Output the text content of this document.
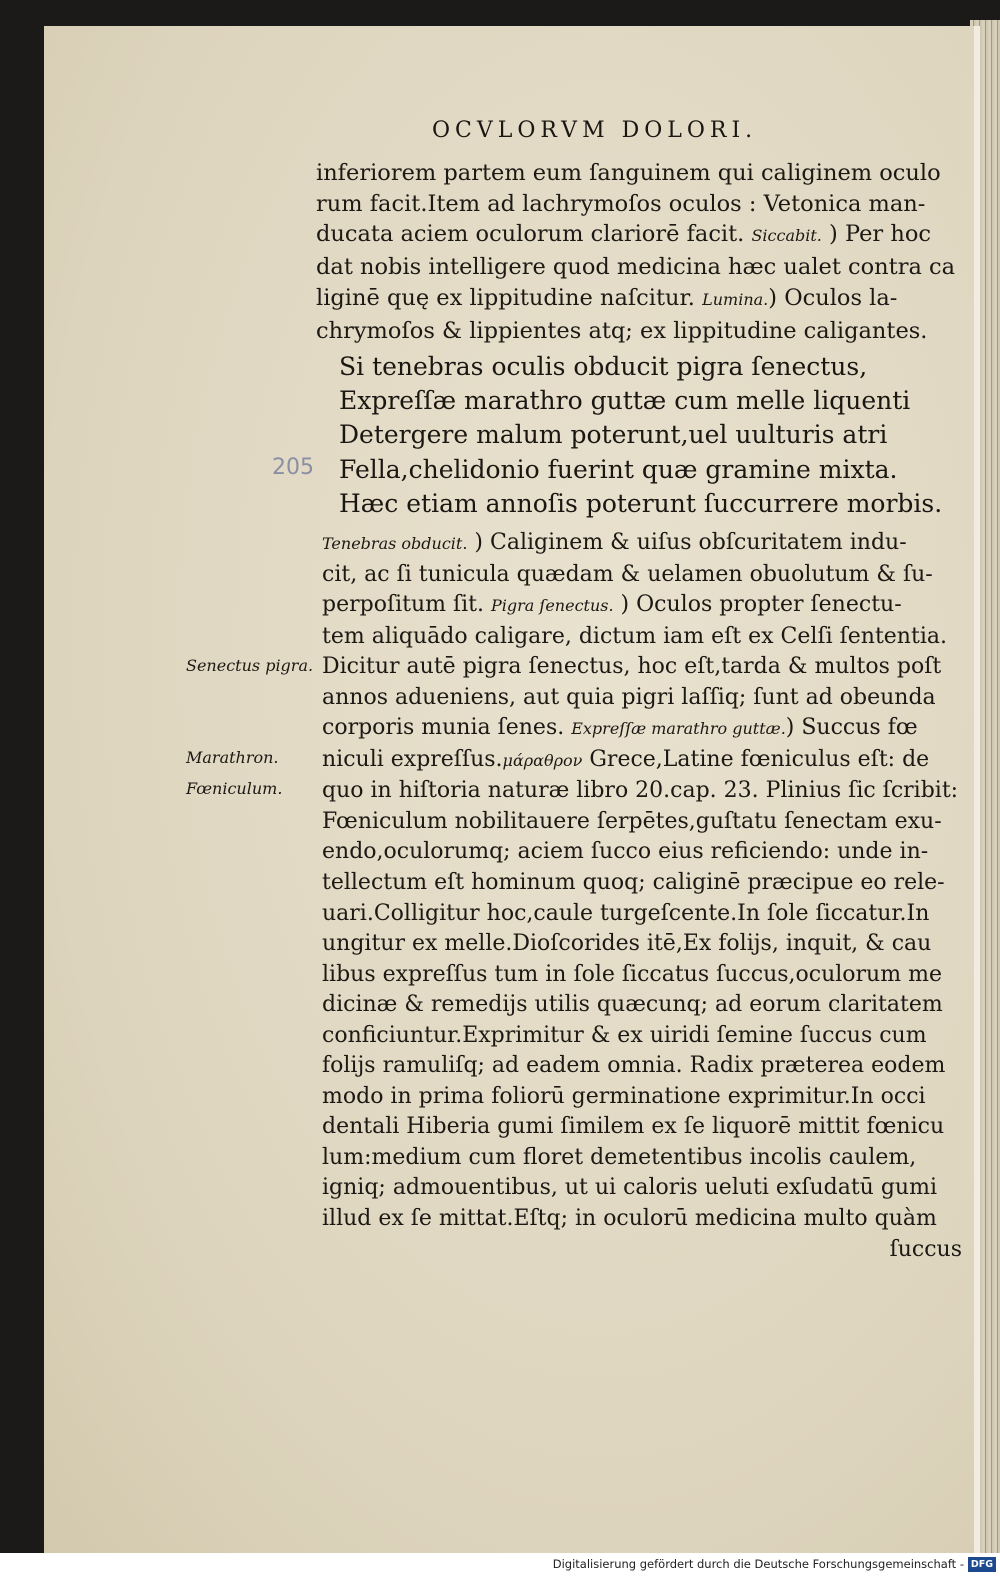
OCVLORVM DOLORI.
inferiorem partem eum ſanguinem qui caliginem oculo
rum facit.Item ad lachrymoſos oculos : Vetonica man-
ducata aciem oculorum clariorē facit. Siccabit. ) Per hoc
dat nobis intelligere quod medicina hæc ualet contra ca
liginē quę ex lippitudine naſcitur. Lumina.) Oculos la-
chrymoſos & lippientes atq; ex lippitudine caligantes.
Si tenebras oculis obducit pigra ſenectus,
Expreſſæ marathro guttæ cum melle liquenti
Detergere malum poterunt,uel uulturis atri
Fella,chelidonio fuerint quæ gramine mixta.
Hæc etiam annoſis poterunt ſuccurrere morbis.
205
Tenebras obducit. ) Caliginem & uiſus obſcuritatem indu-
cit, ac ſi tunicula quædam & uelamen obuolutum & ſu-
perpoſitum ſit. Pigra ſenectus. ) Oculos propter ſenectu-
tem aliquādo caligare, dictum iam eſt ex Celſi ſententia.
Dicitur autē pigra ſenectus, hoc eſt,tarda & multos poſt
annos adueniens, aut quia pigri laſſiq; ſunt ad obeunda
corporis munia ſenes. Expreſſæ marathro guttæ.) Succus fœ
niculi expreſſus.μάραθρον Grece,Latine fœniculus eſt: de
quo in hiſtoria naturæ libro 20.cap. 23. Plinius ſic ſcribit:
Fœniculum nobilitauere ſerpētes,guſtatu ſenectam exu-
endo,oculorumq; aciem ſucco eius reficiendo: unde in-
tellectum eſt hominum quoq; caliginē præcipue eo rele-
uari.Colligitur hoc,caule turgeſcente.In ſole ſiccatur.In
ungitur ex melle.Dioſcorides itē,Ex folijs, inquit, & cau
libus expreſſus tum in ſole ſiccatus ſuccus,oculorum me
dicinæ & remedijs utilis quæcunq; ad eorum claritatem
conficiuntur.Exprimitur & ex uiridi ſemine ſuccus cum
folijs ramuliſq; ad eadem omnia. Radix præterea eodem
modo in prima foliorū germinatione exprimitur.In occi
dentali Hiberia gumi ſimilem ex ſe liquorē mittit fœnicu
lum:medium cum floret demetentibus incolis caulem,
igniq; admouentibus, ut ui caloris ueluti exſudatū gumi
illud ex ſe mittat.Eſtq; in oculorū medicina multo quàm
ſuccus
Senectus pigra.
Marathron.
Fœniculum.
Digitalisierung gefördert durch die Deutsche Forschungsgemeinschaft - DFG
